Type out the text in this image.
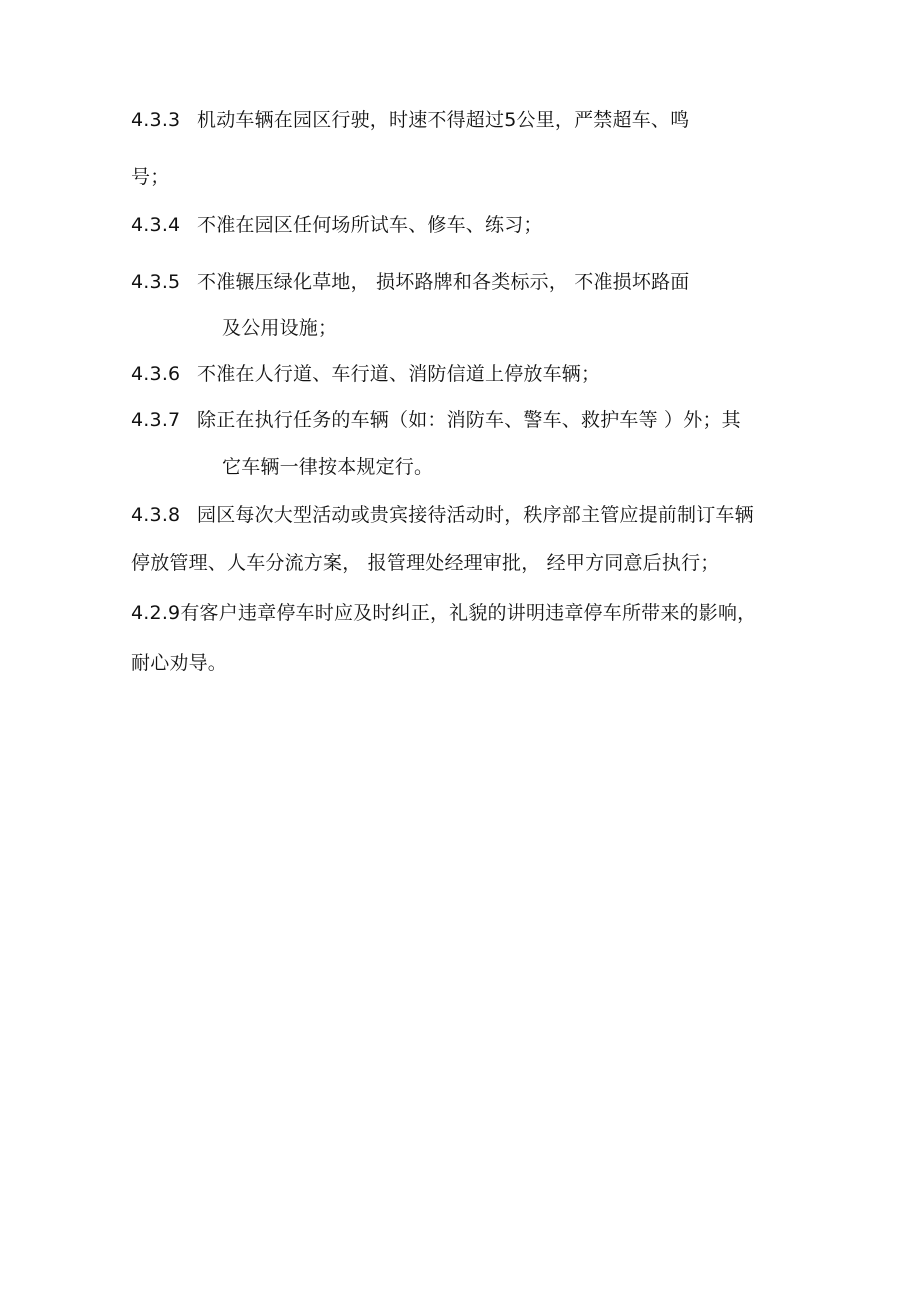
4.3.3 机动车辆在园区行驶，时速不得超过5公里，严禁超车、鸣
号；
4.3.4 不准在园区任何场所试车、修车、练习；
4.3.5 不准辗压绿化草地， 损坏路牌和各类标示， 不准损坏路面
及公用设施；
4.3.6 不准在人行道、车行道、消防信道上停放车辆；
4.3.7 除正在执行任务的车辆（如：消防车、警车、救护车等 ）外；其
它车辆一律按本规定行。
4.3.8 园区每次大型活动或贵宾接待活动时，秩序部主管应提前制订车辆
停放管理、人车分流方案， 报管理处经理审批， 经甲方同意后执行；
4.2.9有客户违章停车时应及时纠正，礼貌的讲明违章停车所带来的影响，
耐心劝导。
